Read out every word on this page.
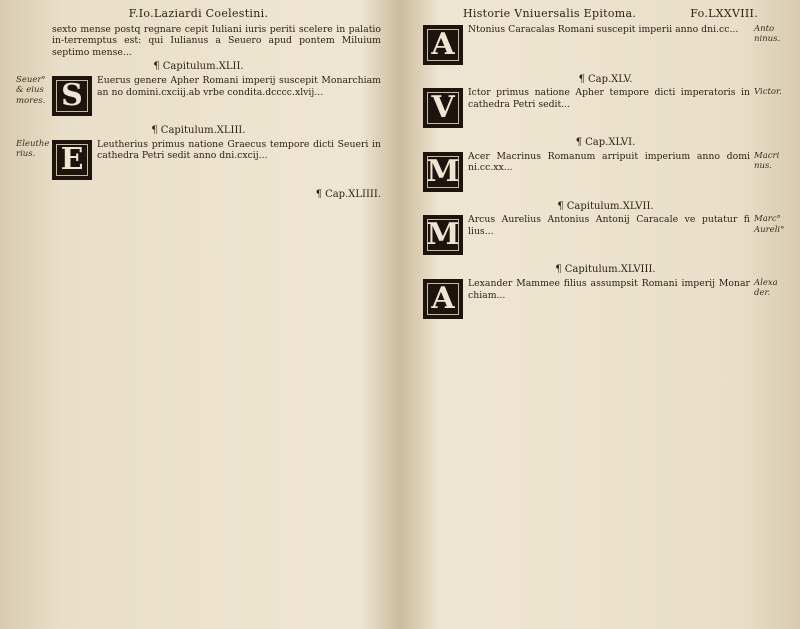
F.Io.Laziardi Coelestini.
sexto mense postq regnare cepit Iuliani iuris periti scelere in palatio in-terremptus est: qui Iulianus a Seuero apud pontem Miluium septimo mense...
¶ Capitulum.XLII.
Seuer° & eius mores. S	Euerus genere Apher Romani imperij suscepit Monarchiam an no domini.cxciij.ab vrbe condita.dcccc.xlvij...
¶ Capitulum.XLIII.
Eleuthe rius. E	Leutherius primus natione Graecus tempore dicti Seueri in cathedra Petri sedit anno dni.cxcij...
¶ Cap.XLIIII.
Historie Vniuersalis Epitoma.	Fo.LXXVIII.
A	Ntonius Caracalas Romani suscepit imperii anno dni.cc...	Anto ninus.
¶ Cap.XLV.
V	Ictor primus natione Apher tempore dicti imperatoris in cathedra Petri sedit...
Victor.
¶ Cap.XLVI.
M Acer Macrinus Romanum arripuit imperium anno domi ni.cc.xx...
Macri nus.
¶ Capitulum.XLVII.
M Arcus Aurelius Antonius Antonij Caracale ve putatur fi lius...
Marc° Aureli°
¶ Capitulum.XLVIII.
A	Lexander Mammee filius assumpsit Romani imperij Monar chiam...
Alexa der.
